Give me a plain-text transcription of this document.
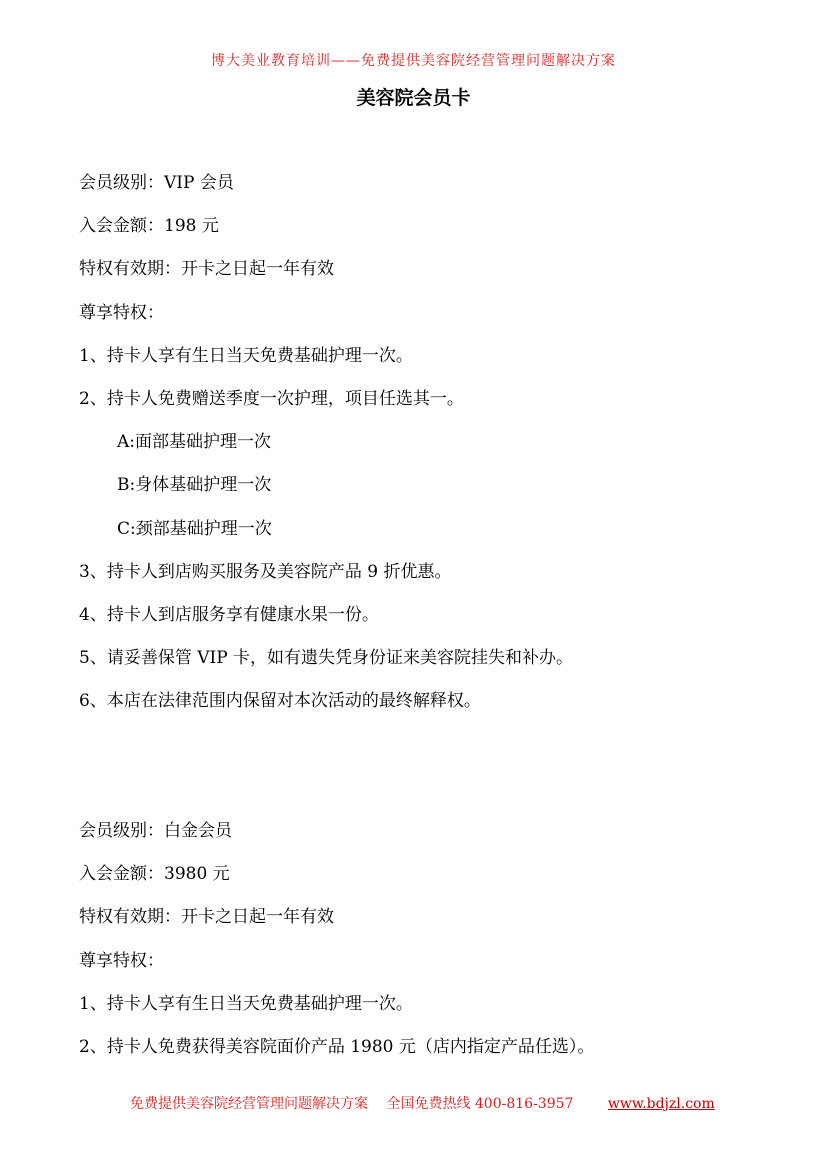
博大美业教育培训——免费提供美容院经营管理问题解决方案
美容院会员卡
会员级别：VIP 会员
入会金额：198 元
特权有效期：开卡之日起一年有效
尊享特权：
1、持卡人享有生日当天免费基础护理一次。
2、持卡人免费赠送季度一次护理，项目任选其一。
A:面部基础护理一次
B:身体基础护理一次
C:颈部基础护理一次
3、持卡人到店购买服务及美容院产品 9 折优惠。
4、持卡人到店服务享有健康水果一份。
5、请妥善保管 VIP 卡，如有遗失凭身份证来美容院挂失和补办。
6、本店在法律范围内保留对本次活动的最终解释权。
会员级别：白金会员
入会金额：3980 元
特权有效期：开卡之日起一年有效
尊享特权：
1、持卡人享有生日当天免费基础护理一次。
2、持卡人免费获得美容院面价产品 1980 元（店内指定产品任选）。
免费提供美容院经营管理问题解决方案 全国免费热线 400-816-3957 www.bdjzl.com
